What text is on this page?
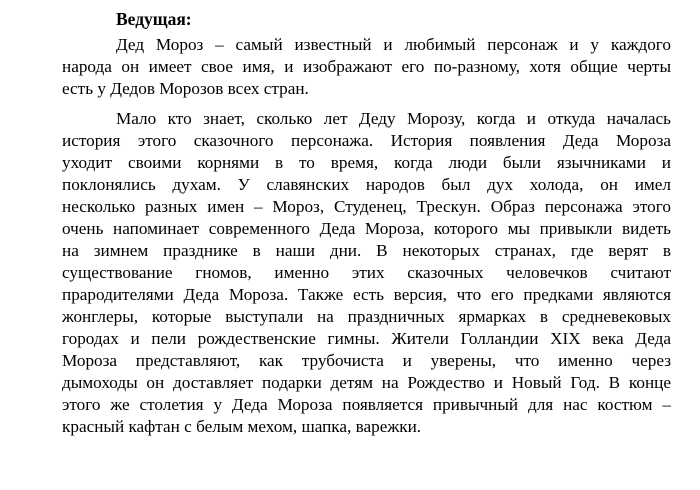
Ведущая:

Дед Мороз – самый известный и любимый персонаж и у каждого
народа он имеет свое имя, и изображают его по-разному, хотя общие черты
есть у Дедов Морозов всех стран.

Мало кто знает, сколько лет Деду Морозу, когда и откуда началась
история этого сказочного персонажа. История появления Деда Мороза
уходит своими корнями в то время, когда люди были язычниками и
поклонялись духам. У славянских народов был дух холода, он имел
несколько разных имен – Мороз, Студенец, Трескун. Образ персонажа этого
очень напоминает современного Деда Мороза, которого мы привыкли видеть
на зимнем празднике в наши дни. В некоторых странах, где верят в
существование гномов, именно этих сказочных человечков считают
прародителями Деда Мороза. Также есть версия, что его предками являются
жонглеры, которые выступали на праздничных ярмарках в средневековых
городах и пели рождественские гимны. Жители Голландии XIX века Деда
Мороза представляют, как трубочиста и уверены, что именно через
дымоходы он доставляет подарки детям на Рождество и Новый Год. В конце
этого же столетия у Деда Мороза появляется привычный для нас костюм –
красный кафтан с белым мехом, шапка, варежки.
